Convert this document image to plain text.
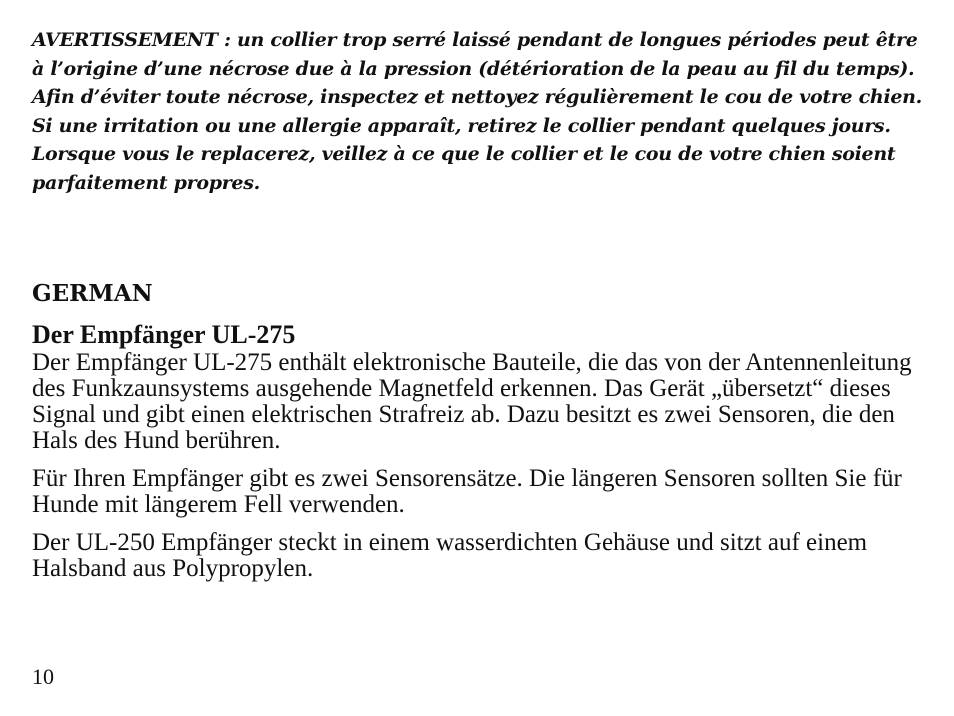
AVERTISSEMENT : un collier trop serré laissé pendant de longues périodes peut être à l’origine d’une nécrose due à la pression (détérioration de la peau au fil du temps). Afin d’éviter toute nécrose, inspectez et nettoyez régulièrement le cou de votre chien. Si une irritation ou une allergie apparaît, retirez le collier pendant quelques jours. Lorsque vous le replacerez, veillez à ce que le collier et le cou de votre chien soient parfaitement propres.

GERMAN
Der Empfänger UL-275

Der Empfänger UL-275 enthält elektronische Bauteile, die das von der Antennenleitung des Funkzaunsystems ausgehende Magnetfeld erkennen. Das Gerät „übersetzt“ dieses Signal und gibt einen elektrischen Strafreiz ab. Dazu besitzt es zwei Sensoren, die den Hals des Hund berühren.

Für Ihren Empfänger gibt es zwei Sensorensätze. Die längeren Sensoren sollten Sie für Hunde mit längerem Fell verwenden.

Der UL-250 Empfänger steckt in einem wasserdichten Gehäuse und sitzt auf einem Halsband aus Polypropylen.

10
